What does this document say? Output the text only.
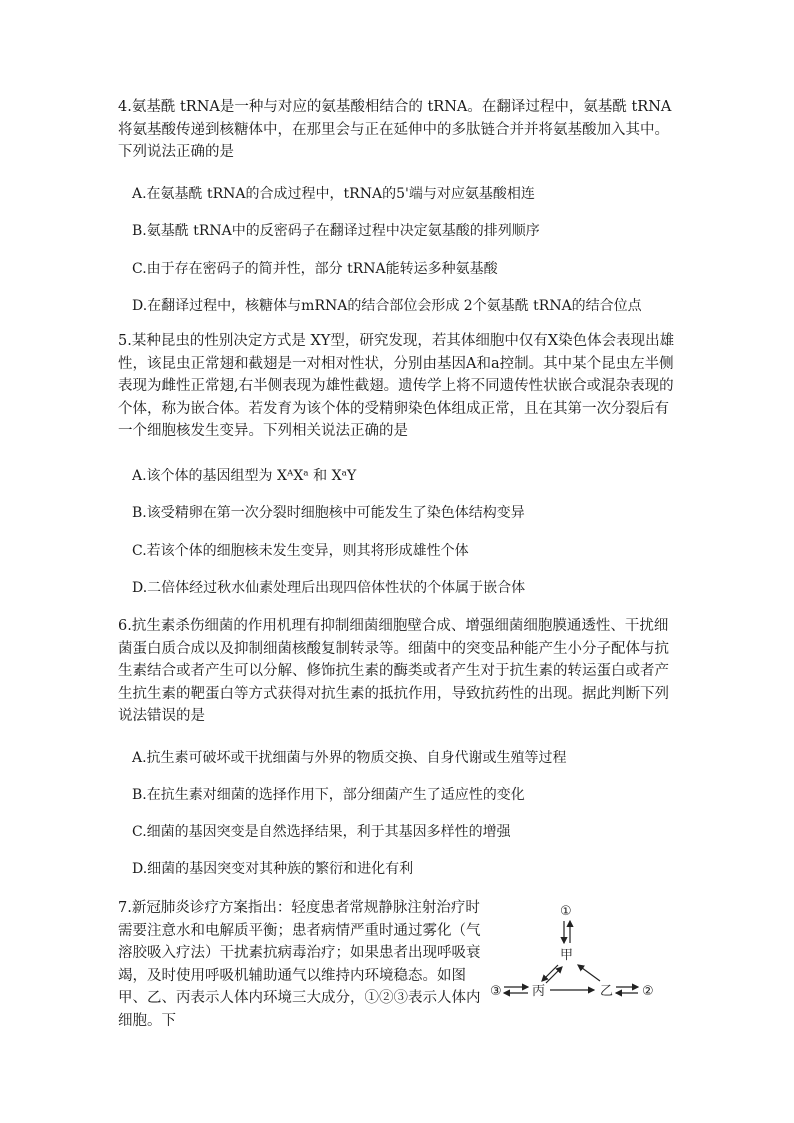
4.氨基酰 tRNA是一种与对应的氨基酸相结合的 tRNA。在翻译过程中，氨基酰 tRNA将氨基酸传递到核糖体中，在那里会与正在延伸中的多肽链合并并将氨基酸加入其中。下列说法正确的是

A.在氨基酰 tRNA的合成过程中，tRNA的5'端与对应氨基酸相连
B.氨基酰 tRNA中的反密码子在翻译过程中决定氨基酸的排列顺序
C.由于存在密码子的简并性，部分 tRNA能转运多种氨基酸
D.在翻译过程中，核糖体与mRNA的结合部位会形成 2个氨基酰 tRNA的结合位点

5.某种昆虫的性别决定方式是 XY型，研究发现，若其体细胞中仅有X染色体会表现出雄性，该昆虫正常翅和截翅是一对相对性状，分别由基因A和a控制。其中某个昆虫左半侧表现为雌性正常翅,右半侧表现为雄性截翅。遗传学上将不同遗传性状嵌合或混杂表现的个体，称为嵌合体。若发育为该个体的受精卵染色体组成正常，且在其第一次分裂后有一个细胞核发生变异。下列相关说法正确的是

A.该个体的基因组型为 XᴬXᵃ 和 XᵃY
B.该受精卵在第一次分裂时细胞核中可能发生了染色体结构变异
C.若该个体的细胞核未发生变异，则其将形成雄性个体
D.二倍体经过秋水仙素处理后出现四倍体性状的个体属于嵌合体

6.抗生素杀伤细菌的作用机理有抑制细菌细胞壁合成、增强细菌细胞膜通透性、干扰细菌蛋白质合成以及抑制细菌核酸复制转录等。细菌中的突变品种能产生小分子配体与抗生素结合或者产生可以分解、修饰抗生素的酶类或者产生对于抗生素的转运蛋白或者产生抗生素的靶蛋白等方式获得对抗生素的抵抗作用，导致抗药性的出现。据此判断下列说法错误的是

A.抗生素可破坏或干扰细菌与外界的物质交换、自身代谢或生殖等过程
B.在抗生素对细菌的选择作用下，部分细菌产生了适应性的变化
C.细菌的基因突变是自然选择结果，利于其基因多样性的增强
D.细菌的基因突变对其种族的繁衍和进化有利

7.新冠肺炎诊疗方案指出：轻度患者常规静脉注射治疗时需要注意水和电解质平衡；患者病情严重时通过雾化（气溶胶吸入疗法）干扰素抗病毒治疗；如果患者出现呼吸衰竭，及时使用呼吸机辅助通气以维持内环境稳态。如图甲、乙、丙表示人体内环境三大成分，①②③表示人体内细胞。下

①
甲
③ 丙	乙 ②
